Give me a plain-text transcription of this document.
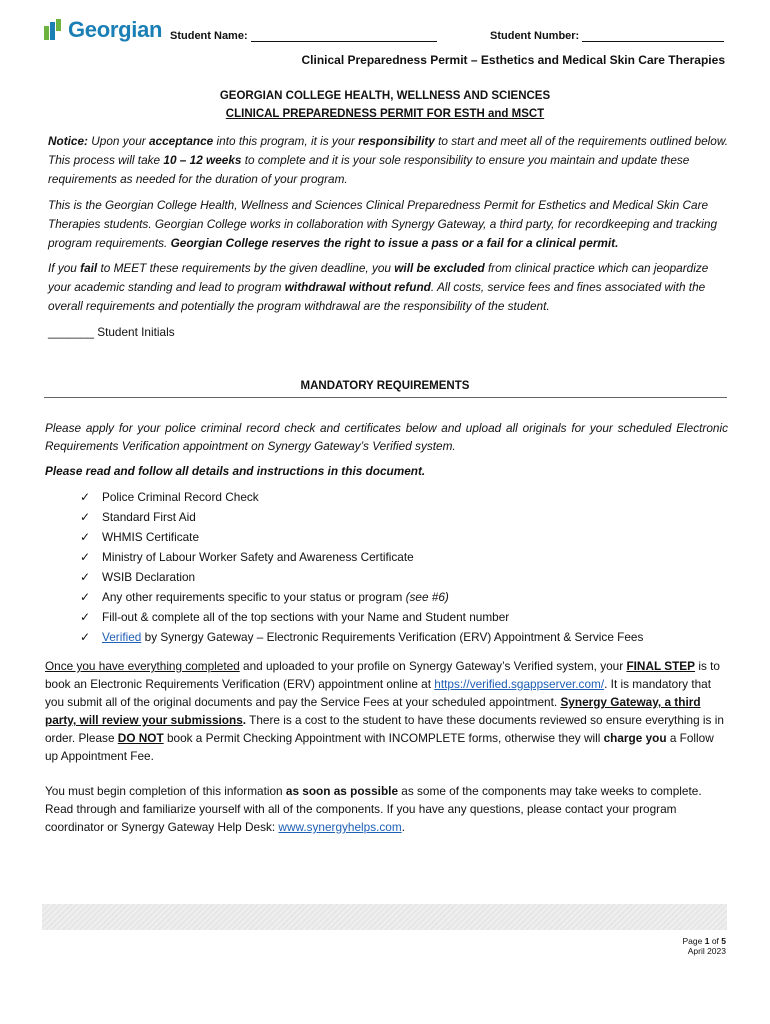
Georgian Student Name:	Student Number:
Clinical Preparedness Permit – Esthetics and Medical Skin Care Therapies
GEORGIAN COLLEGE HEALTH, WELLNESS AND SCIENCES
CLINICAL PREPAREDNESS PERMIT FOR ESTH and MSCT
Notice: Upon your acceptance into this program, it is your responsibility to start and meet all of the requirements outlined below. This process will take 10 – 12 weeks to complete and it is your sole responsibility to ensure you maintain and update these requirements as needed for the duration of your program.
This is the Georgian College Health, Wellness and Sciences Clinical Preparedness Permit for Esthetics and Medical Skin Care Therapies students. Georgian College works in collaboration with Synergy Gateway, a third party, for recordkeeping and tracking program requirements. Georgian College reserves the right to issue a pass or a fail for a clinical permit.
If you fail to MEET these requirements by the given deadline, you will be excluded from clinical practice which can jeopardize your academic standing and lead to program withdrawal without refund. All costs, service fees and fines associated with the overall requirements and potentially the program withdrawal are the responsibility of the student.
_______ Student Initials
MANDATORY REQUIREMENTS
Please apply for your police criminal record check and certificates below and upload all originals for your scheduled Electronic Requirements Verification appointment on Synergy Gateway’s Verified system.
Please read and follow all details and instructions in this document.
✓	Police Criminal Record Check
✓	Standard First Aid
✓	WHMIS Certificate
✓	Ministry of Labour Worker Safety and Awareness Certificate
✓	WSIB Declaration
✓	Any other requirements specific to your status or program (see #6)
✓	Fill-out & complete all of the top sections with your Name and Student number
✓	Verified by Synergy Gateway – Electronic Requirements Verification (ERV) Appointment & Service Fees
Once you have everything completed and uploaded to your profile on Synergy Gateway’s Verified system, your FINAL STEP is to book an Electronic Requirements Verification (ERV) appointment online at https://verified.sgappserver.com/. It is mandatory that you submit all of the original documents and pay the Service Fees at your scheduled appointment. Synergy Gateway, a third party, will review your submissions. There is a cost to the student to have these documents reviewed so ensure everything is in order. Please DO NOT book a Permit Checking Appointment with INCOMPLETE forms, otherwise they will charge you a Follow up Appointment Fee.
You must begin completion of this information as soon as possible as some of the components may take weeks to complete. Read through and familiarize yourself with all of the components. If you have any questions, please contact your program coordinator or Synergy Gateway Help Desk: www.synergyhelps.com.
Page 1 of 5
April 2023
